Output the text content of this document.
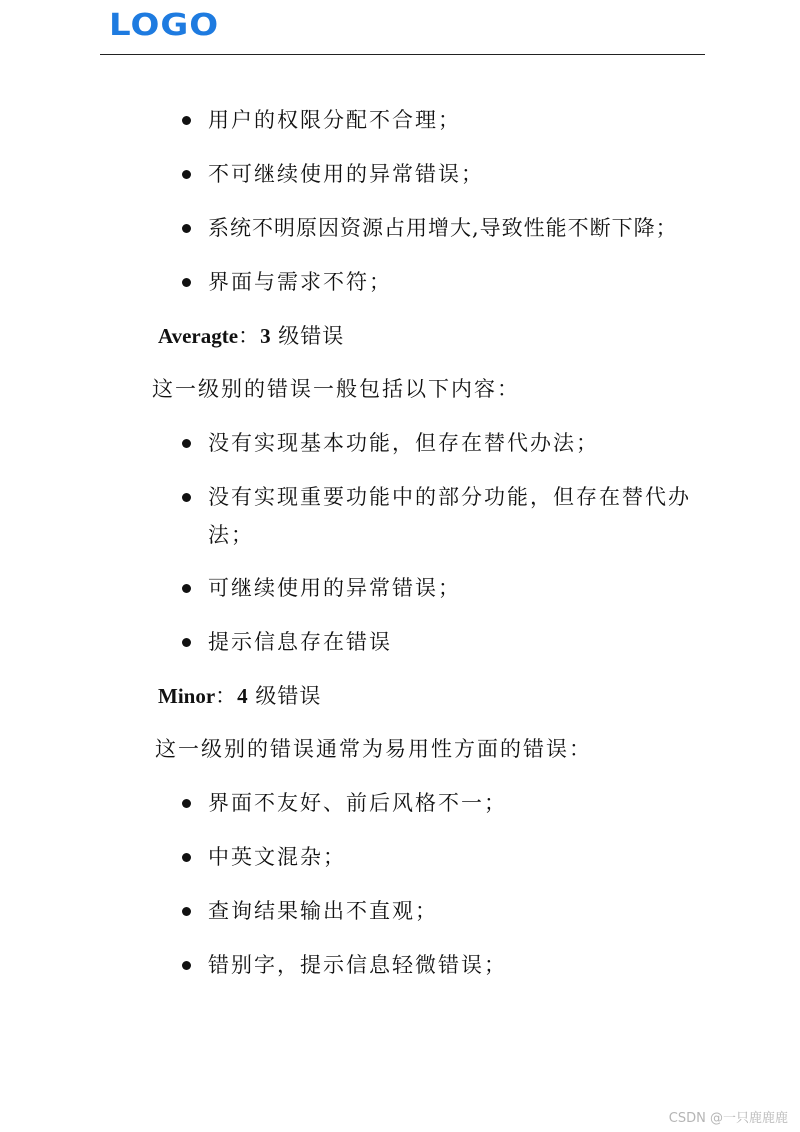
LOGO
用户的权限分配不合理；
不可继续使用的异常错误；
系统不明原因资源占用增大,导致性能不断下降；
界面与需求不符；
Averagte：3 级错误
这一级别的错误一般包括以下内容：
没有实现基本功能，但存在替代办法；
没有实现重要功能中的部分功能，但存在替代办法；
可继续使用的异常错误；
提示信息存在错误
Minor：4 级错误
这一级别的错误通常为易用性方面的错误：
界面不友好、前后风格不一；
中英文混杂；
查询结果输出不直观；
错别字，提示信息轻微错误；
CSDN @一只鹿鹿鹿
